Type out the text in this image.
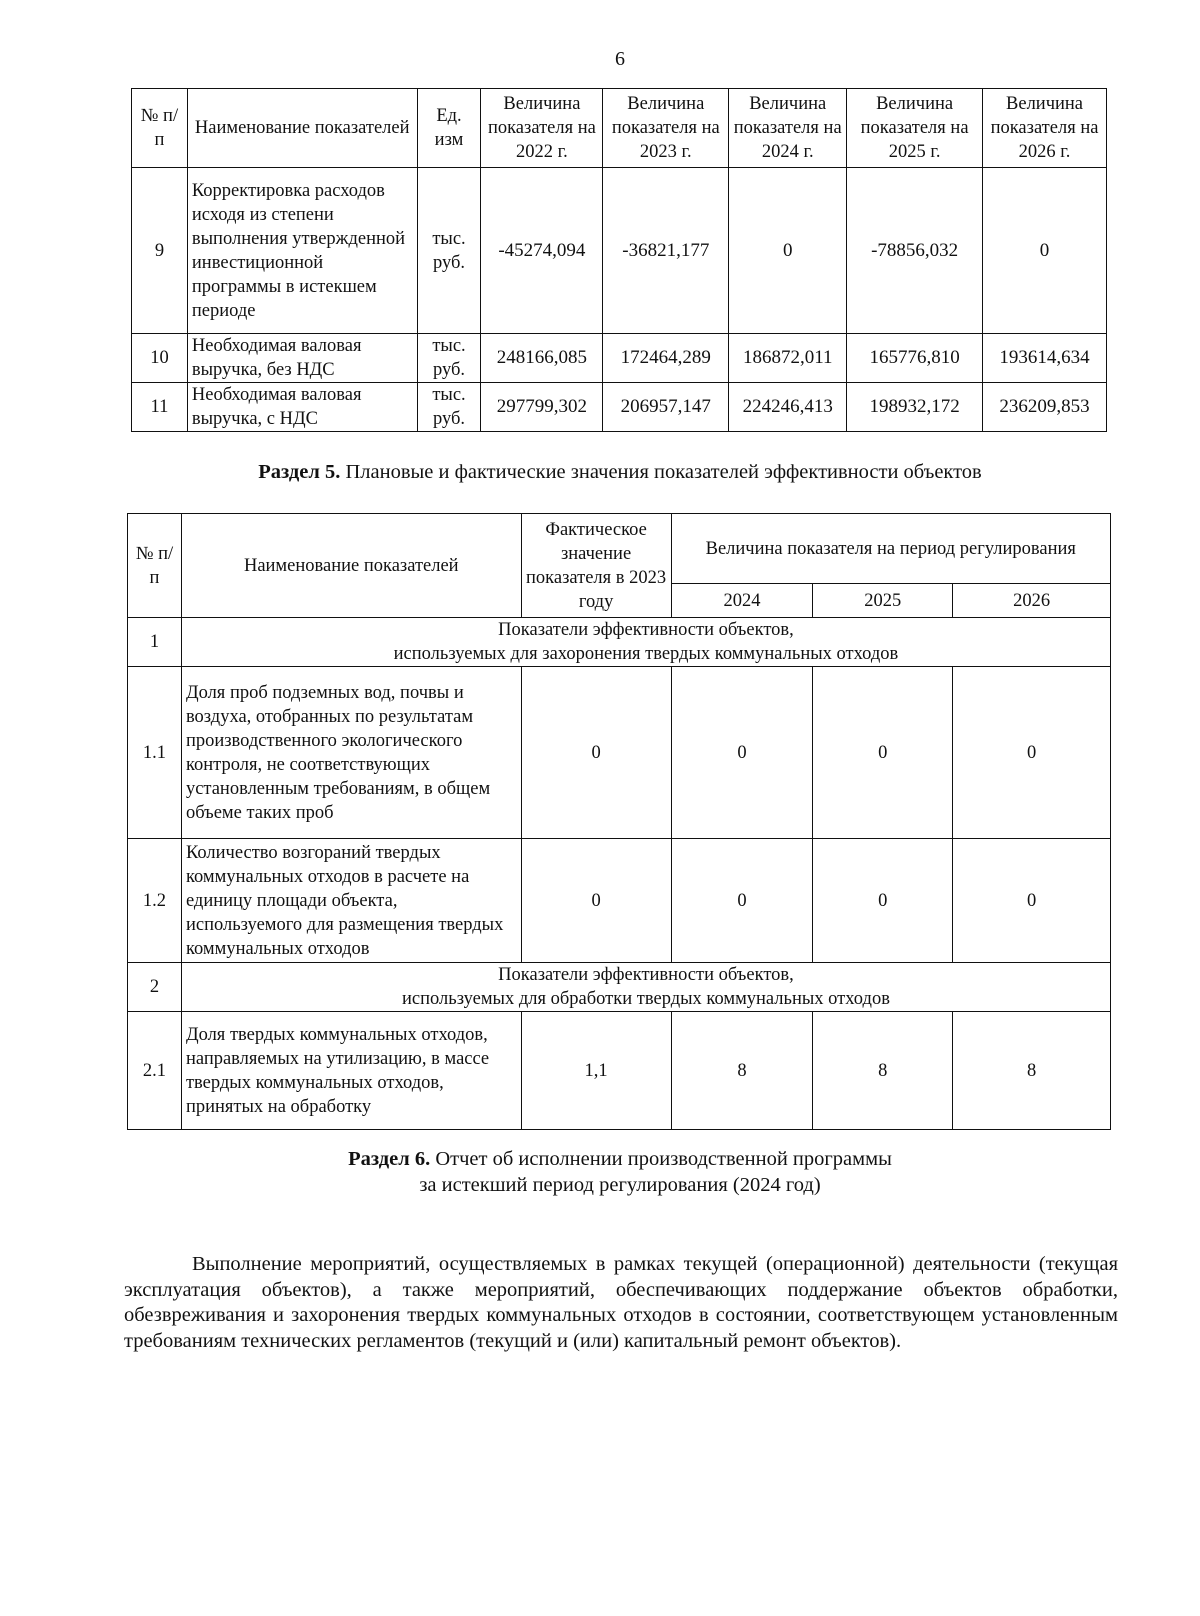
6
№ п/п	Наименование показателей	Ед. изм	Величина показателя на 2022 г.	Величина показателя на 2023 г.	Величина показателя на 2024 г.	Величина показателя на 2025 г.	Величина показателя на 2026 г.
9	Корректировка расходов исходя из степени выполнения утвержденной инвестиционной программы в истекшем периоде	тыс. руб.	-45274,094	-36821,177	0	-78856,032	0
10	Необходимая валовая выручка, без НДС	тыс. руб.	248166,085	172464,289	186872,011	165776,810	193614,634
11	Необходимая валовая выручка, с НДС	тыс. руб.	297799,302	206957,147	224246,413	198932,172	236209,853
Раздел 5. Плановые и фактические значения показателей эффективности объектов
№ п/п	Наименование показателей	Фактическое значение показателя в 2023 году	Величина показателя на период регулирования		
			2024	2025	2026
1	Показатели эффективности объектов,
используемых для захоронения твердых коммунальных отходов				

1.1	Доля проб подземных вод, почвы и воздуха, отобранных по результатам производственного экологического контроля, не соответствующих установленным требованиям, в общем объеме таких проб	0	0	0	0
1.2	Количество возгораний твердых коммунальных отходов в расчете на единицу площади объекта, используемого для размещения твердых коммунальных отходов	0	0	0	0
2	Показатели эффективности объектов,
используемых для обработки твердых коммунальных отходов				

2.1	Доля твердых коммунальных отходов, направляемых на утилизацию, в массе твердых коммунальных отходов, принятых на обработку	1,1	8	8	8
Раздел 6. Отчет об исполнении производственной программы
за истекший период регулирования (2024 год)
Выполнение мероприятий, осуществляемых в рамках текущей (операционной) деятельности (текущая эксплуатация объектов), а также мероприятий, обеспечивающих поддержание объектов обработки, обезвреживания и захоронения твердых коммунальных отходов в состоянии, соответствующем установленным требованиям технических регламентов (текущий и (или) капитальный ремонт объектов).
